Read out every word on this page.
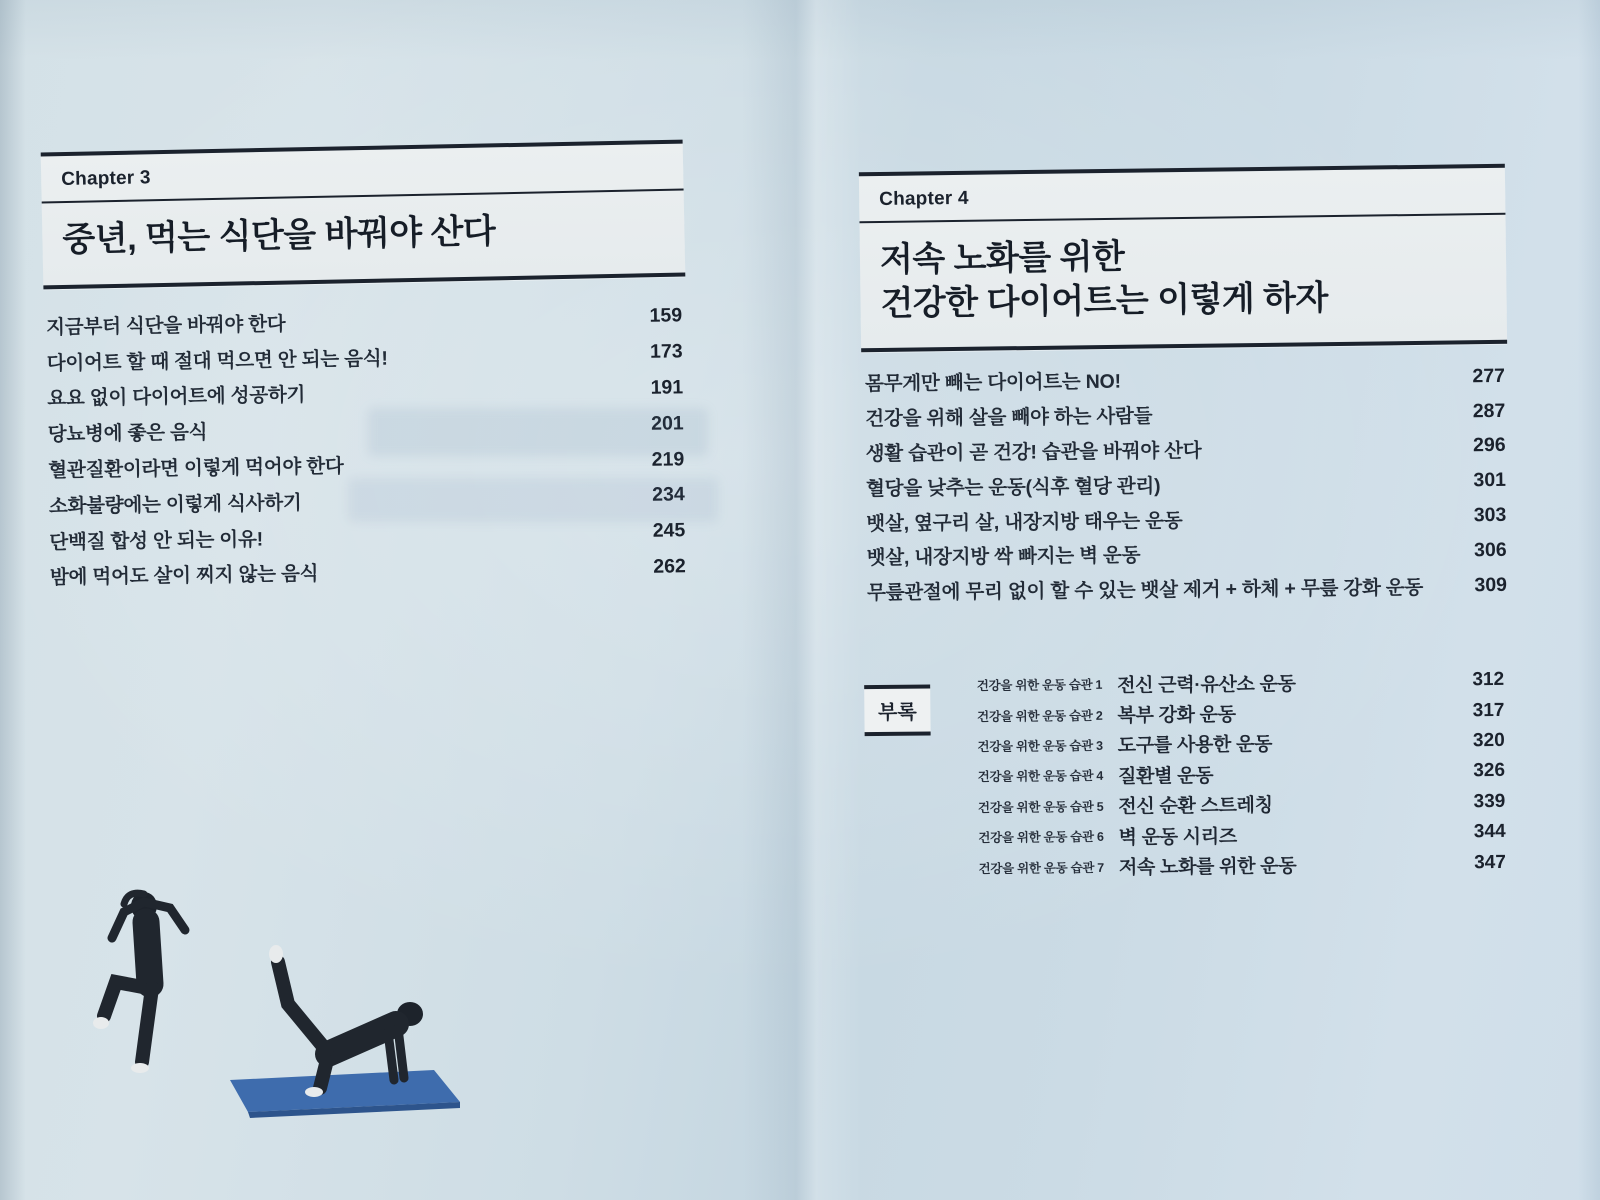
Chapter 3
중년, 먹는 식단을 바꿔야 산다
지금부터 식단을 바꿔야 한다	159
다이어트 할 때 절대 먹으면 안 되는 음식!	173
요요 없이 다이어트에 성공하기	191
당뇨병에 좋은 음식	201
혈관질환이라면 이렇게 먹어야 한다	219
소화불량에는 이렇게 식사하기	234
단백질 합성 안 되는 이유!	245
밤에 먹어도 살이 찌지 않는 음식	262
Chapter 4
저속 노화를 위한
건강한 다이어트는 이렇게 하자
몸무게만 빼는 다이어트는 NO!	277
건강을 위해 살을 빼야 하는 사람들	287
생활 습관이 곧 건강! 습관을 바꿔야 산다	296
혈당을 낮추는 운동(식후 혈당 관리)	301
뱃살, 옆구리 살, 내장지방 태우는 운동	303
뱃살, 내장지방 싹 빠지는 벽 운동	306
무릎관절에 무리 없이 할 수 있는 뱃살 제거 + 하체 + 무릎 강화 운동	309
부록
건강을 위한 운동 습관 1 전신 근력·유산소 운동	312
건강을 위한 운동 습관 2 복부 강화 운동	317
건강을 위한 운동 습관 3 도구를 사용한 운동	320
건강을 위한 운동 습관 4 질환별 운동	326
건강을 위한 운동 습관 5 전신 순환 스트레칭	339
건강을 위한 운동 습관 6 벽 운동 시리즈	344
건강을 위한 운동 습관 7 저속 노화를 위한 운동	347
